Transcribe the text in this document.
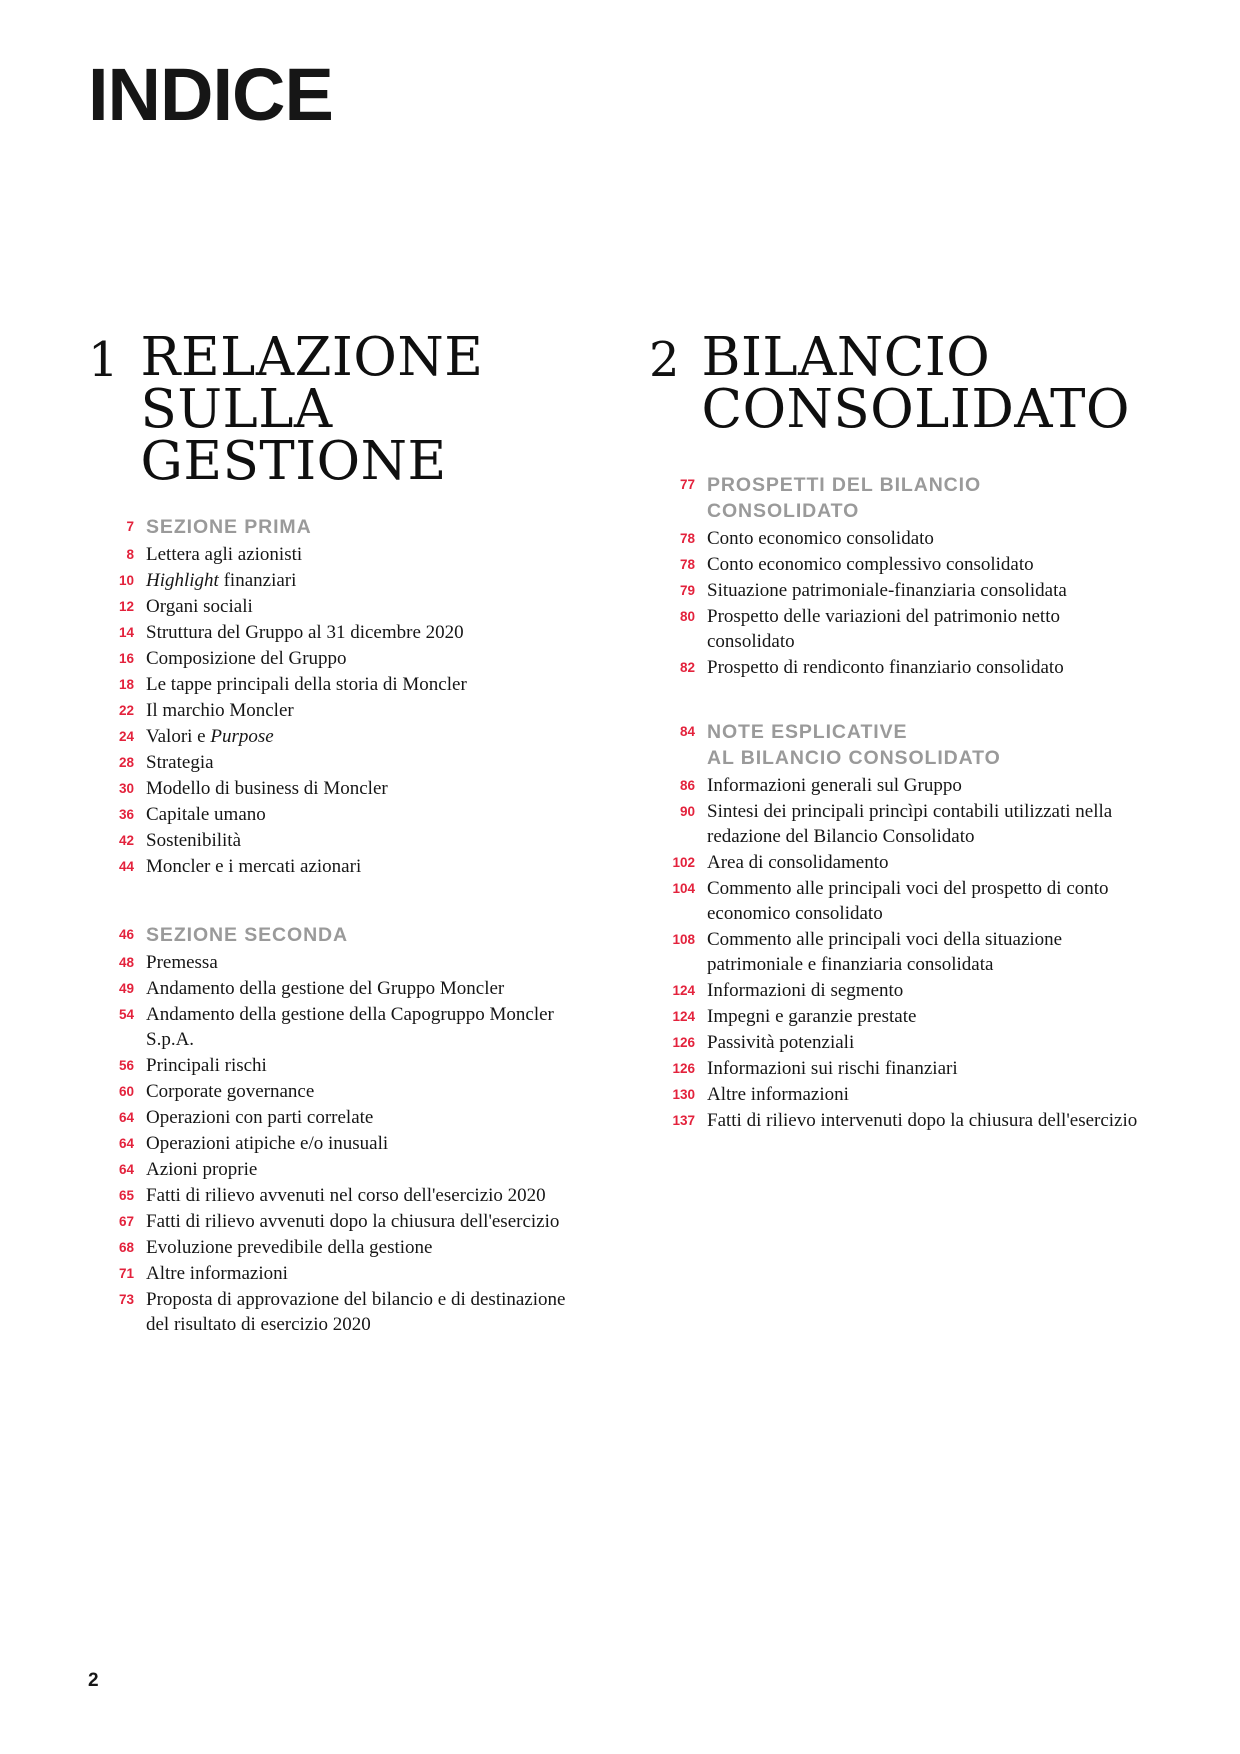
INDICE
1 RELAZIONE
SULLA
GESTIONE
7 SEZIONE PRIMA
8 Lettera agli azionisti
10 Highlight finanziari
12 Organi sociali
14 Struttura del Gruppo al 31 dicembre 2020
16 Composizione del Gruppo
18 Le tappe principali della storia di Moncler
22 Il marchio Moncler
24 Valori e Purpose
28 Strategia
30 Modello di business di Moncler
36 Capitale umano
42 Sostenibilità
44 Moncler e i mercati azionari
46 SEZIONE SECONDA
48 Premessa
49 Andamento della gestione del Gruppo Moncler
54 Andamento della gestione della Capogruppo Moncler S.p.A.
56 Principali rischi
60 Corporate governance
64 Operazioni con parti correlate
64 Operazioni atipiche e/o inusuali
64 Azioni proprie
65 Fatti di rilievo avvenuti nel corso dell'esercizio 2020
67 Fatti di rilievo avvenuti dopo la chiusura dell'esercizio
68 Evoluzione prevedibile della gestione
71 Altre informazioni
73 Proposta di approvazione del bilancio e di destinazione del risultato di esercizio 2020
2 BILANCIO
CONSOLIDATO
77 PROSPETTI DEL BILANCIO
CONSOLIDATO
78 Conto economico consolidato
78 Conto economico complessivo consolidato
79 Situazione patrimoniale-finanziaria consolidata
80 Prospetto delle variazioni del patrimonio netto consolidato
82 Prospetto di rendiconto finanziario consolidato
84 NOTE ESPLICATIVE
AL BILANCIO CONSOLIDATO
86 Informazioni generali sul Gruppo
90 Sintesi dei principali princìpi contabili utilizzati nella redazione del Bilancio Consolidato
102 Area di consolidamento
104 Commento alle principali voci del prospetto di conto economico consolidato
108 Commento alle principali voci della situazione patrimoniale e finanziaria consolidata
124 Informazioni di segmento
124 Impegni e garanzie prestate
126 Passività potenziali
126 Informazioni sui rischi finanziari
130 Altre informazioni
137 Fatti di rilievo intervenuti dopo la chiusura dell'esercizio
2
